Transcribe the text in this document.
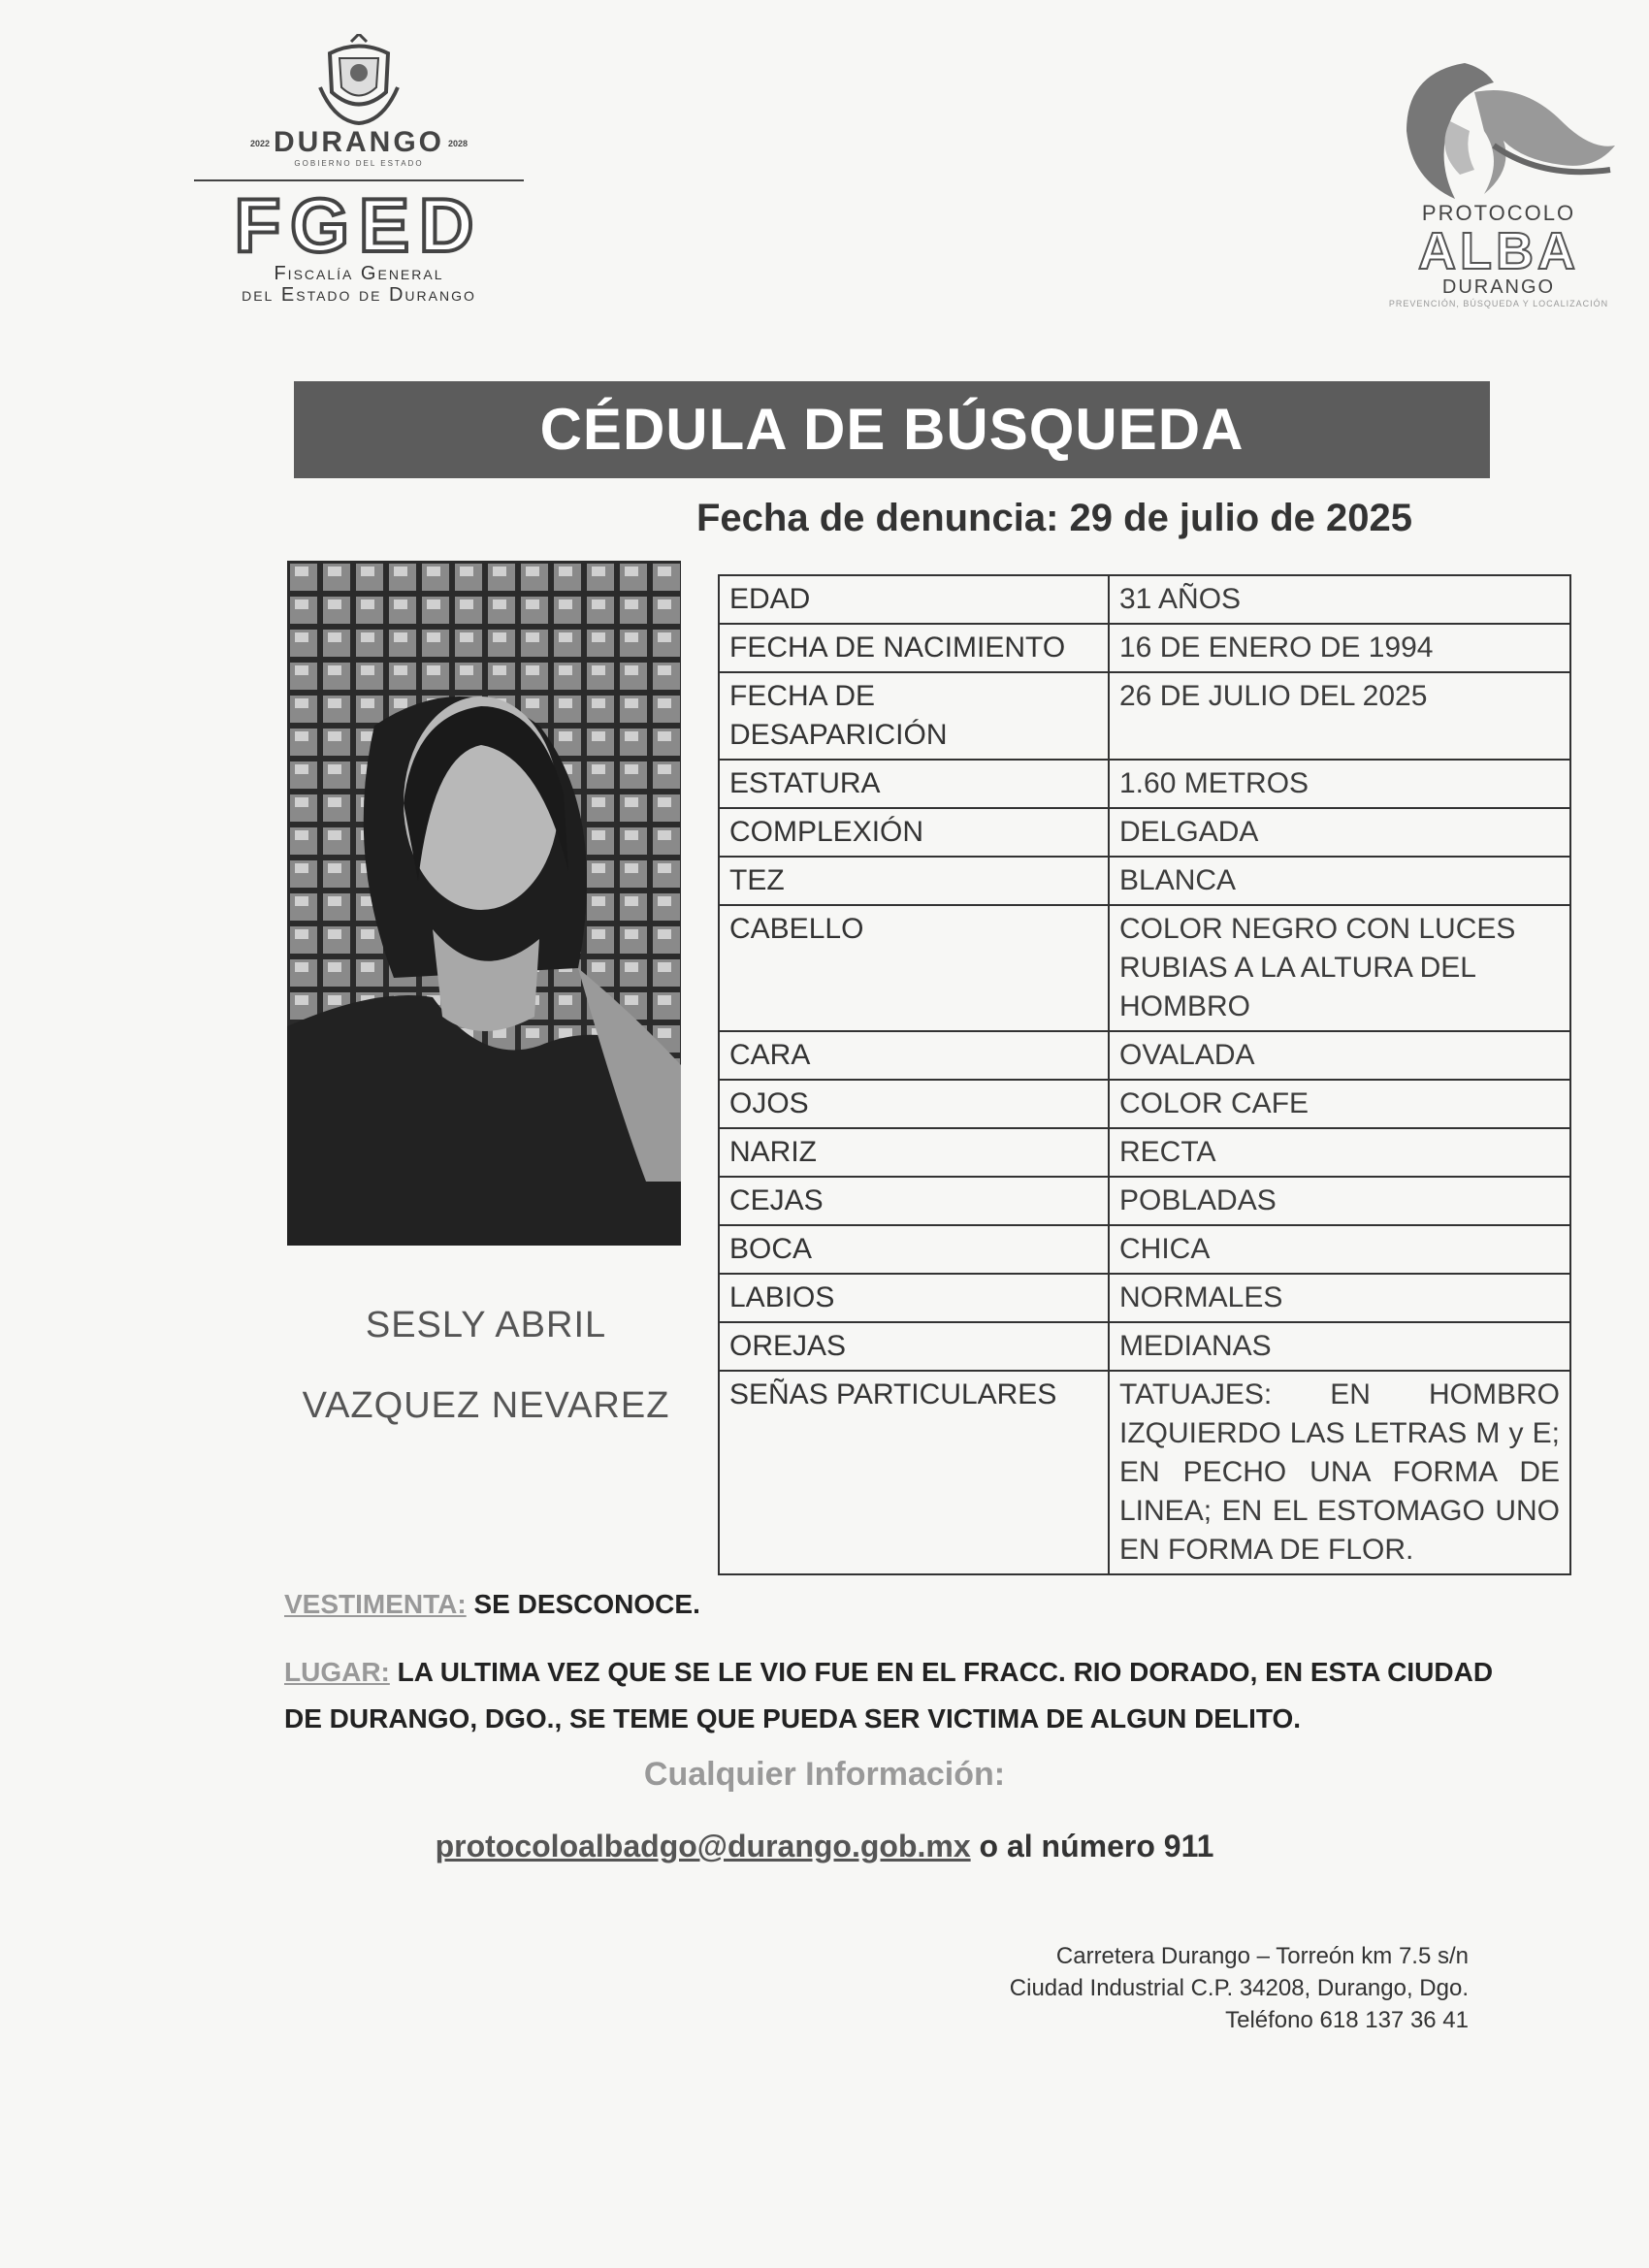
2022 DURANGO 2028
GOBIERNO DEL ESTADO
FGED
Fiscalía General
del Estado de Durango
PROTOCOLO
ALBA
DURANGO
PREVENCIÓN, BÚSQUEDA Y LOCALIZACIÓN
CÉDULA DE BÚSQUEDA
Fecha de denuncia: 29 de julio de 2025
SESLY ABRIL
VAZQUEZ NEVAREZ
EDAD	31 AÑOS
FECHA DE NACIMIENTO	16 DE ENERO DE 1994
FECHA DE DESAPARICIÓN	26 DE JULIO DEL 2025
ESTATURA	1.60 METROS
COMPLEXIÓN	DELGADA
TEZ	BLANCA
CABELLO	COLOR NEGRO CON LUCES RUBIAS A LA ALTURA DEL HOMBRO
CARA	OVALADA
OJOS	COLOR CAFE
NARIZ	RECTA
CEJAS	POBLADAS
BOCA	CHICA
LABIOS	NORMALES
OREJAS	MEDIANAS
SEÑAS PARTICULARES	TATUAJES: EN HOMBRO IZQUIERDO LAS LETRAS M y E; EN PECHO UNA FORMA DE LINEA; EN EL ESTOMAGO UNO EN FORMA DE FLOR.
VESTIMENTA: SE DESCONOCE.
LUGAR: LA ULTIMA VEZ QUE SE LE VIO FUE EN EL FRACC. RIO DORADO, EN ESTA CIUDAD DE DURANGO, DGO., SE TEME QUE PUEDA SER VICTIMA DE ALGUN DELITO.
Cualquier Información:
protocoloalbadgo@durango.gob.mx o al número 911
Carretera Durango – Torreón km 7.5 s/n
Ciudad Industrial C.P. 34208, Durango, Dgo.
Teléfono 618 137 36 41
